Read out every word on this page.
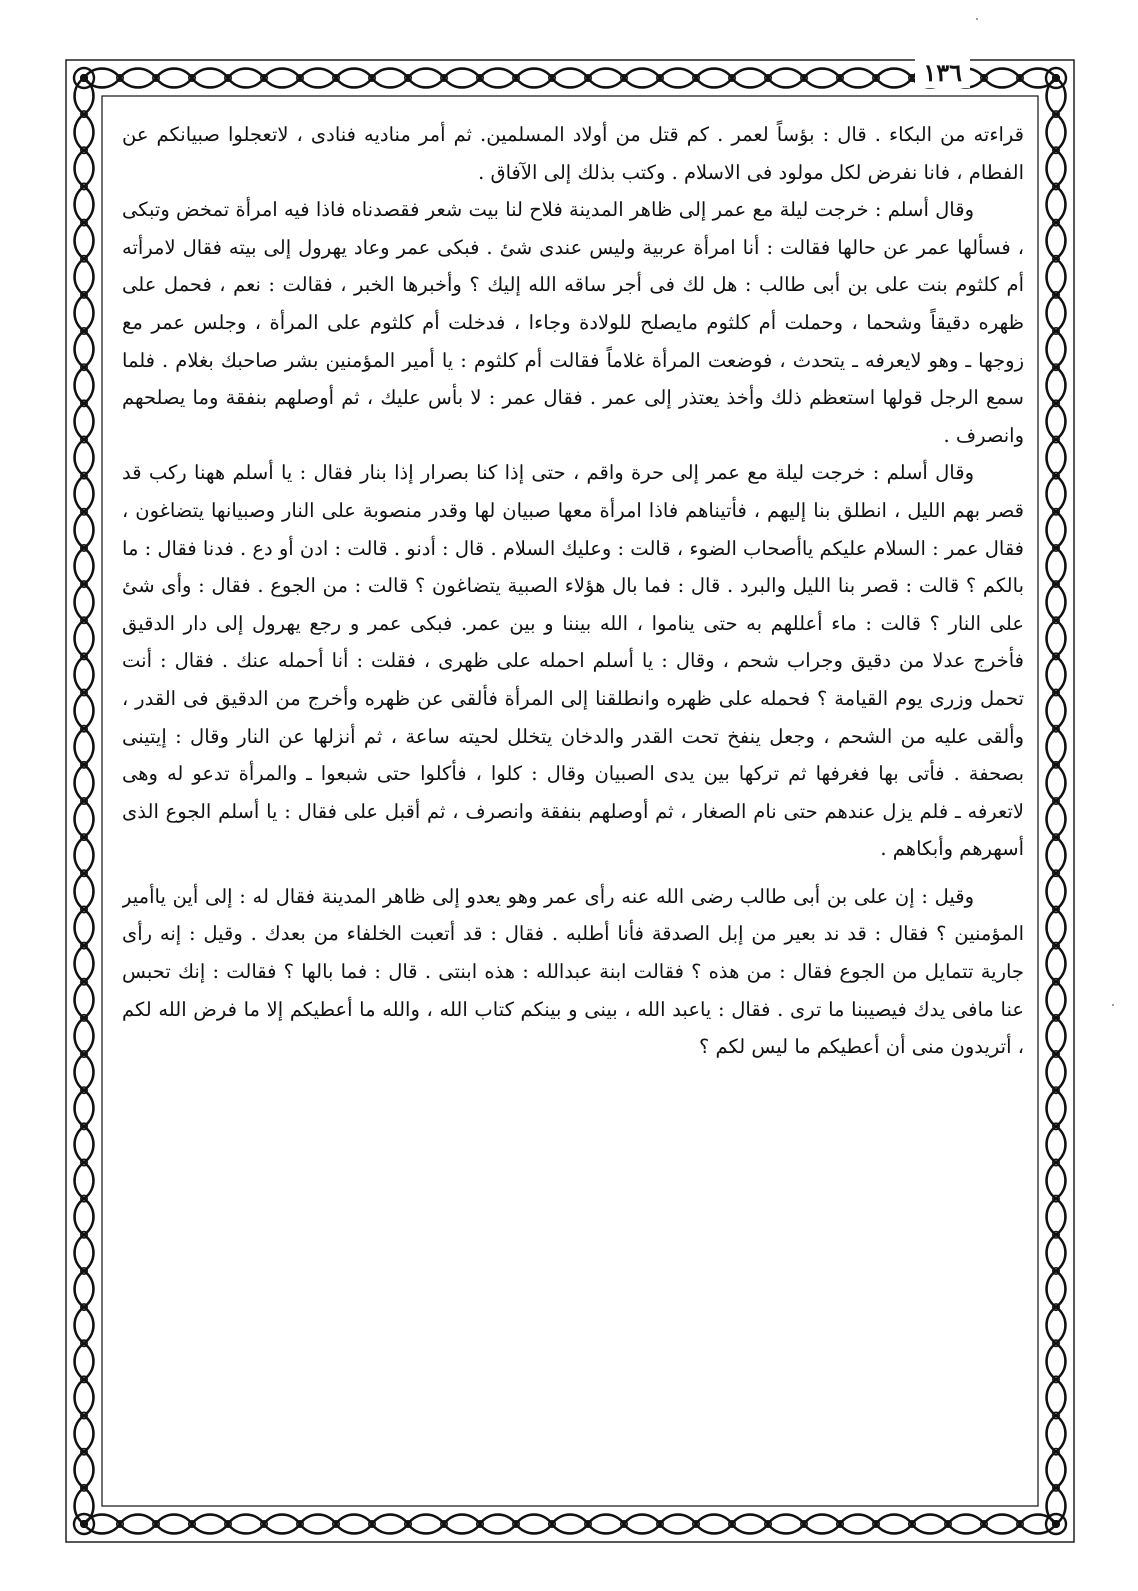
١٣٦

قراءته من البكاء . قال : بؤساً لعمر . كم قتل من أولاد المسلمين. ثم أمر مناديه فنادى ، لاتعجلوا صبيانكم عن الفطام ، فانا نفرض لكل مولود فى الاسلام . وكتب بذلك إلى الآفاق .

وقال أسلم : خرجت ليلة مع عمر إلى ظاهر المدينة فلاح لنا بيت شعر فقصدناه فاذا فيه امرأة تمخض وتبكى ، فسألها عمر عن حالها فقالت : أنا امرأة عربية وليس عندى شئ . فبكى عمر وعاد يهرول إلى بيته فقال لامرأته أم كلثوم بنت على بن أبى طالب : هل لك فى أجر ساقه الله إليك ؟ وأخبرها الخبر ، فقالت : نعم ، فحمل على ظهره دقيقاً وشحما ، وحملت أم كلثوم مايصلح للولادة وجاءا ، فدخلت أم كلثوم على المرأة ، وجلس عمر مع زوجها ـ وهو لايعرفه ـ يتحدث ، فوضعت المرأة غلاماً فقالت أم كلثوم : يا أمير المؤمنين بشر صاحبك بغلام . فلما سمع الرجل قولها استعظم ذلك وأخذ يعتذر إلى عمر . فقال عمر : لا بأس عليك ، ثم أوصلهم بنفقة وما يصلحهم وانصرف .

وقال أسلم : خرجت ليلة مع عمر إلى حرة واقم ، حتى إذا كنا بصرار إذا بنار فقال : يا أسلم ههنا ركب قد قصر بهم الليل ، انطلق بنا إليهم ، فأتيناهم فاذا امرأة معها صبيان لها وقدر منصوبة على النار وصبيانها يتضاغون ، فقال عمر : السلام عليكم ياأصحاب الضوء ، قالت : وعليك السلام . قال : أدنو . قالت : ادن أو دع . فدنا فقال : ما بالكم ؟ قالت : قصر بنا الليل والبرد . قال : فما بال هؤلاء الصبية يتضاغون ؟ قالت : من الجوع . فقال : وأى شئ على النار ؟ قالت : ماء أعللهم به حتى يناموا ، الله بيننا و بين عمر. فبكى عمر و رجع يهرول إلى دار الدقيق فأخرج عدلا من دقيق وجراب شحم ، وقال : يا أسلم احمله على ظهرى ، فقلت : أنا أحمله عنك . فقال : أنت تحمل وزرى يوم القيامة ؟ فحمله على ظهره وانطلقنا إلى المرأة فألقى عن ظهره وأخرج من الدقيق فى القدر ، وألقى عليه من الشحم ، وجعل ينفخ تحت القدر والدخان يتخلل لحيته ساعة ، ثم أنزلها عن النار وقال : إيتينى بصحفة . فأتى بها فغرفها ثم تركها بين يدى الصبيان وقال : كلوا ، فأكلوا حتى شبعوا ـ والمرأة تدعو له وهى لاتعرفه ـ فلم يزل عندهم حتى نام الصغار ، ثم أوصلهم بنفقة وانصرف ، ثم أقبل على فقال : يا أسلم الجوع الذى أسهرهم وأبكاهم .

وقيل : إن على بن أبى طالب رضى الله عنه رأى عمر وهو يعدو إلى ظاهر المدينة فقال له : إلى أين ياأمير المؤمنين ؟ فقال : قد ند بعير من إبل الصدقة فأنا أطلبه . فقال : قد أتعبت الخلفاء من بعدك . وقيل : إنه رأى جارية تتمايل من الجوع فقال : من هذه ؟ فقالت ابنة عبدالله : هذه ابنتى . قال : فما بالها ؟ فقالت : إنك تحبس عنا مافى يدك فيصيبنا ما ترى . فقال : ياعبد الله ، بينى و بينكم كتاب الله ، والله ما أعطيكم إلا ما فرض الله لكم ، أتريدون منى أن أعطيكم ما ليس لكم ؟
